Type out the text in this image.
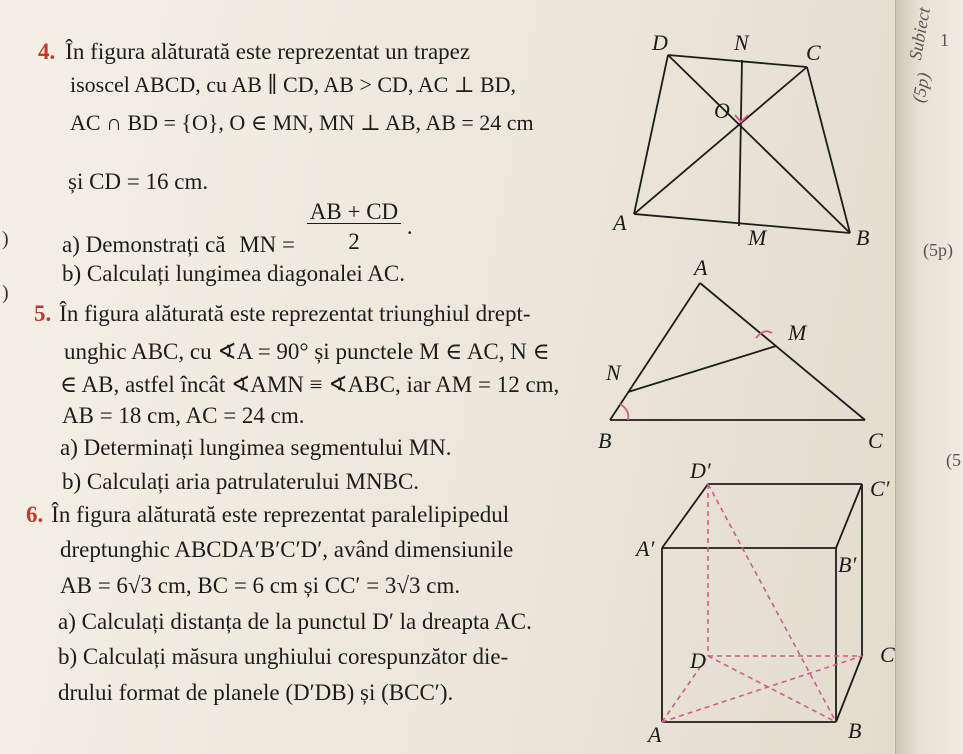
Subiect 1
(5p)
(5p)
(5
)
)
4. În figura alăturată este reprezentat un trapez
isoscel ABCD, cu AB ∥ CD, AB > CD, AC ⊥ BD,
AC ∩ BD = {O}, O ∈ MN, MN ⊥ AB, AB = 24 cm
și CD = 16 cm.
a) Demonstrați că MN = $\frac{AB + CD}{2}$ .
b) Calculați lungimea diagonalei AC.
5. În figura alăturată este reprezentat triunghiul drept-
unghic ABC, cu ∢A = 90° și punctele M ∈ AC, N ∈
∈ AB, astfel încât ∢AMN ≡ ∢ABC, iar AM = 12 cm,
AB = 18 cm, AC = 24 cm.
a) Determinați lungimea segmentului MN.
b) Calculați aria patrulaterului MNBC.
6. În figura alăturată este reprezentat paralelipipedul
dreptunghic ABCDA′B′C′D′, având dimensiunile
AB = 6√3 cm, BC = 6 cm și CC′ = 3√3 cm.
a) Calculați distanța de la punctul D′ la dreapta AC.
b) Calculați măsura unghiului corespunzător die-
drului format de planele (D′DB) și (BCC′).
D	N	C
O
A
M	B
A
M
N
B	C
D′
C′
A′
B′
D	C
A	B
